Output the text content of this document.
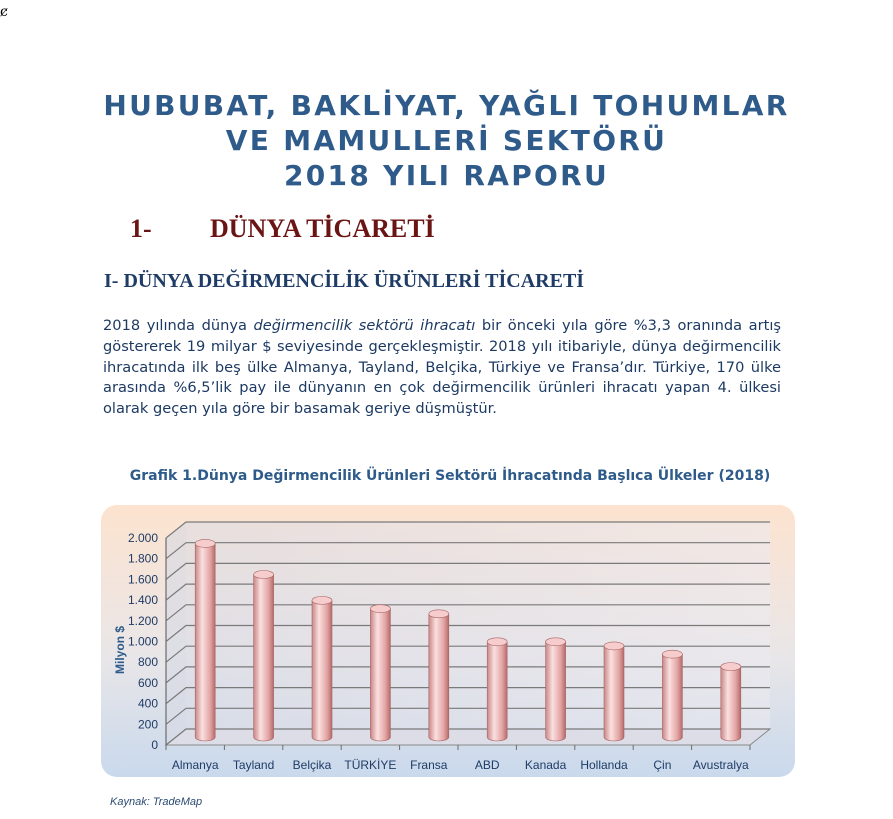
ȼ
HUBUBAT, BAKLİYAT, YAĞLI TOHUMLAR
VE MAMULLERİ SEKTÖRÜ
2018 YILI RAPORU
1- DÜNYA TİCARETİ
I- DÜNYA DEĞİRMENCİLİK ÜRÜNLERİ TİCARETİ

2018 yılında dünya değirmencilik sektörü ihracatı bir önceki yıla göre %3,3 oranında artış göstererek 19 milyar $ seviyesinde gerçekleşmiştir. 2018 yılı itibariyle, dünya değirmencilik ihracatında ilk beş ülke Almanya, Tayland, Belçika, Türkiye ve Fransa’dır. Türkiye, 170 ülke arasında %6,5’lik pay ile dünyanın en çok değirmencilik ürünleri ihracatı yapan 4. ülkesi olarak geçen yıla göre bir basamak geriye düşmüştür.

Grafik 1.Dünya Değirmencilik Ürünleri Sektörü İhracatında Başlıca Ülkeler (2018)
0
200
400
600
800
1.000
1.200
1.400
1.600
1.800
2.000
Milyon $
Almanya Tayland Belçika TÜRKİYE Fransa ABD Kanada Hollanda Çin Avustralya
Kaynak: TradeMap
